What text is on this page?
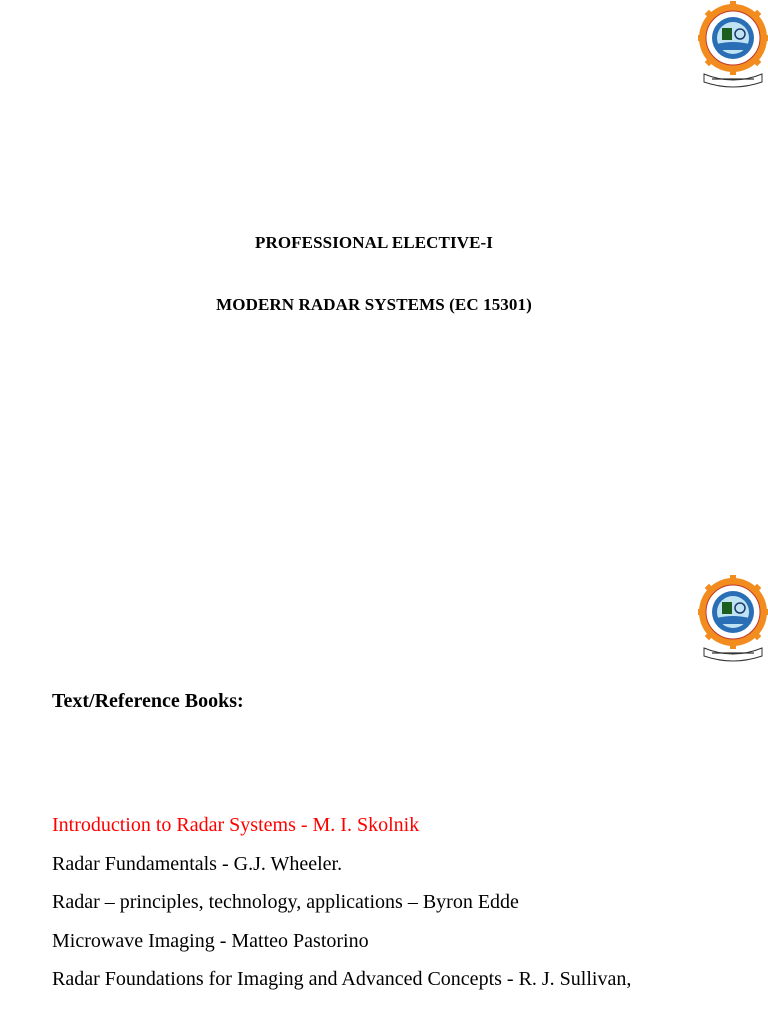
PROFESSIONAL ELECTIVE-I
MODERN RADAR SYSTEMS (EC 15301)
Text/Reference Books:
Introduction to Radar Systems - M. I. Skolnik
Radar Fundamentals - G.J. Wheeler.
Radar – principles, technology, applications – Byron Edde
Microwave Imaging - Matteo Pastorino
Radar Foundations for Imaging and Advanced Concepts - R. J. Sullivan,
